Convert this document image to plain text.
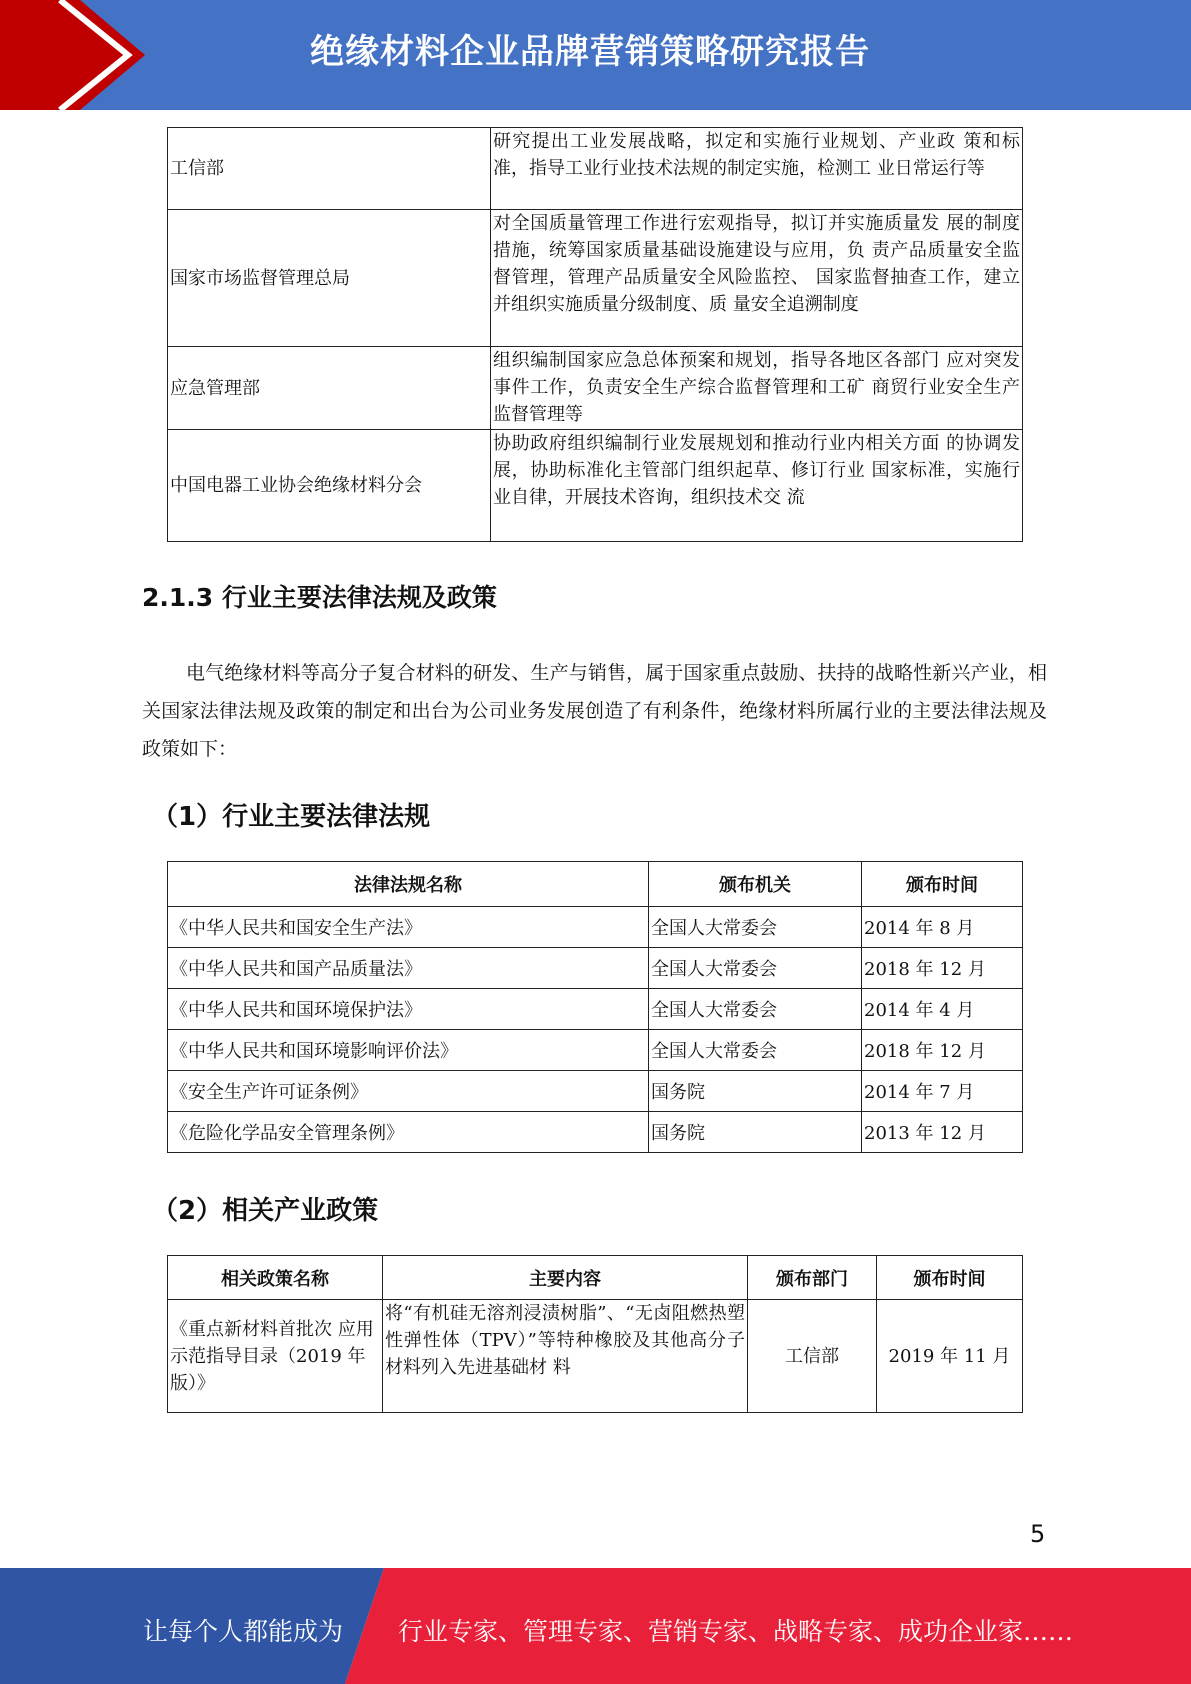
绝缘材料企业品牌营销策略研究报告
工信部	研究提出工业发展战略，拟定和实施行业规划、产业政 策和标准，指导工业行业技术法规的制定实施，检测工 业日常运行等
国家市场监督管理总局	对全国质量管理工作进行宏观指导，拟订并实施质量发 展的制度措施，统筹国家质量基础设施建设与应用，负 责产品质量安全监督管理，管理产品质量安全风险监控、 国家监督抽查工作，建立并组织实施质量分级制度、质 量安全追溯制度
应急管理部	组织编制国家应急总体预案和规划，指导各地区各部门 应对突发事件工作，负责安全生产综合监督管理和工矿 商贸行业安全生产监督管理等
中国电器工业协会绝缘材料分会	协助政府组织编制行业发展规划和推动行业内相关方面 的协调发展，协助标准化主管部门组织起草、修订行业 国家标准，实施行业自律，开展技术咨询，组织技术交 流
2.1.3 行业主要法律法规及政策
电气绝缘材料等高分子复合材料的研发、生产与销售，属于国家重点鼓励、扶持的战略性新兴产业，相关国家法律法规及政策的制定和出台为公司业务发展创造了有利条件，绝缘材料所属行业的主要法律法规及政策如下：
（1）行业主要法律法规
法律法规名称	颁布机关	颁布时间
《中华人民共和国安全生产法》	全国人大常委会	2014 年 8 月
《中华人民共和国产品质量法》	全国人大常委会	2018 年 12 月
《中华人民共和国环境保护法》	全国人大常委会	2014 年 4 月
《中华人民共和国环境影响评价法》	全国人大常委会	2018 年 12 月
《安全生产许可证条例》	国务院	2014 年 7 月
《危险化学品安全管理条例》	国务院	2013 年 12 月
（2）相关产业政策
相关政策名称	主要内容	颁布部门	颁布时间
《重点新材料首批次 应用示范指导目录（2019 年版）》	将“有机硅无溶剂浸渍树脂”、“无卤阻燃热塑性弹性体（TPV）”等特种橡胶及其他高分子材料列入先进基础材 料	工信部	2019 年 11 月
5
让每个人都能成为 行业专家、管理专家、营销专家、战略专家、成功企业家……
